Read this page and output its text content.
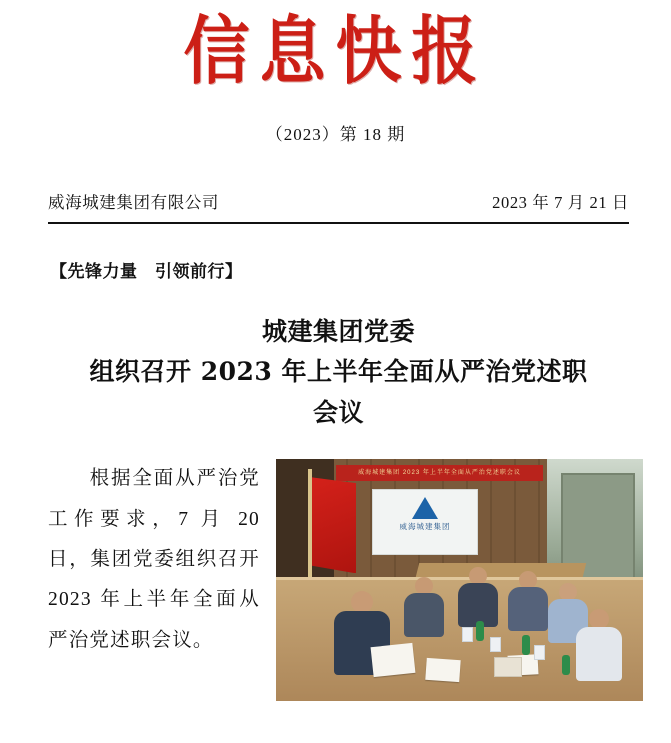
信息快报
（2023）第 18 期
威海城建集团有限公司	2023 年 7 月 21 日
【先锋力量　引领前行】
城建集团党委
组织召开 2023 年上半年全面从严治党述职
会议
根据全面从严治党工作要求，7 月 20 日，集团党委组织召开 2023 年上半年全面从严治党述职会议。
威海城建集团 2023 年上半年全面从严治党述职会议
威海城建集团
